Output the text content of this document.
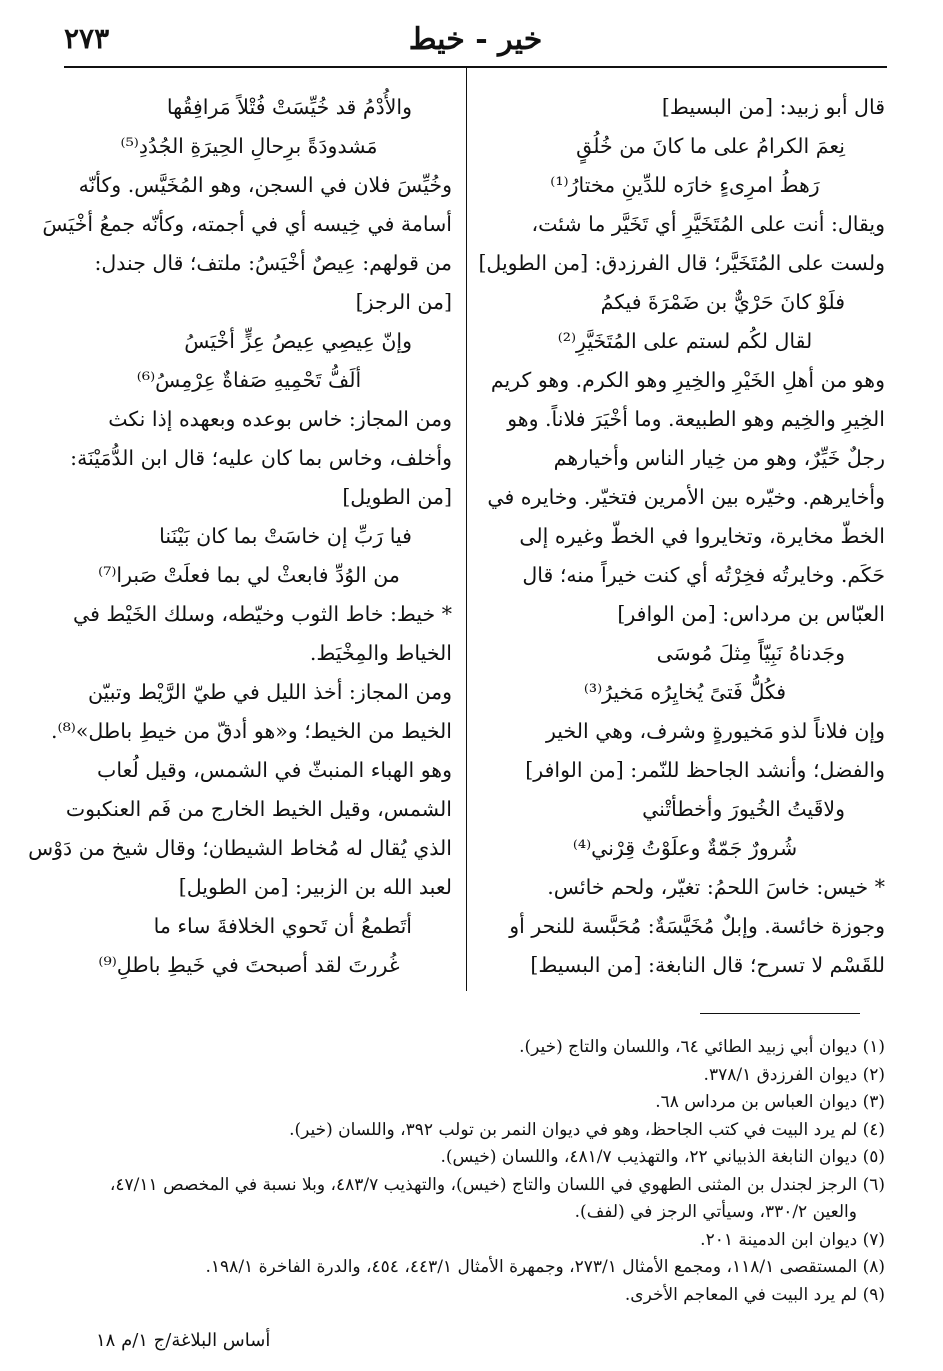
خير - خيط
٢٧٣
قال أبو زبيد: [من البسيط]
نِعمَ الكرامُ على ما كانَ من خُلُقٍ
رَهطُ امرِىءٍ خارَه للدِّينِ مختارُ⁽¹⁾
ويقال: أنت على المُتَخَيَّرِ أي تَخَيَّر ما شئت،
ولست على المُتَخَيَّر؛ قال الفرزدق: [من الطويل]
فلَوْ كانَ حَرْيٌّ بن ضَمْرَةَ فيكمُ
لقال لكُم لستم على المُتَخَيَّرِ⁽²⁾
وهو من أهلِ الخَيْرِ والخِيرِ وهو الكرم. وهو كريم
الخِيرِ والخِيم وهو الطبيعة. وما أخْيَرَ فلاناً. وهو
رجلٌ خَيِّرٌ، وهو من خِيار الناس وأخيارهم
وأخايرهم. وخيّره بين الأمرين فتخيّر. وخايره في
الخطّ مخايرة، وتخايروا في الخطّ وغيره إلى
حَكَم. وخايرتُه فخِرْتُه أي كنت خيراً منه؛ قال
العبّاس بن مرداس: [من الوافر]
وجَدناهُ نَبِيّاً مِثلَ مُوسَى
فكُلُّ فَتىً يُخايِرُه مَخيرُ⁽³⁾
وإن فلاناً لذو مَخيورةٍ وشرف، وهي الخير
والفضل؛ وأنشد الجاحظ للنّمر: [من الوافر]
ولاقَيتُ الخُيورَ وأخطأتْني
شُرورٌ جَمّةٌ وعلَوْتُ قِرْني⁽⁴⁾
* خيس: خاسَ اللحمُ: تغيّر، ولحم خائس.
وجوزة خائسة. وإبلٌ مُخَيَّسَةٌ: مُحَبَّسة للنحر أو
للقَسْم لا تسرح؛ قال النابغة: [من البسيط]
والأُدْمُ قد خُيِّسَتْ فُتْلاً مَرافِقُها
مَشدودَةً برِحالِ الحِيرَةِ الجُدُدِ⁽⁵⁾
وخُيِّسَ فلان في السجن، وهو المُخَيَّس. وكأنّه
أسامة في خِيسه أي في أجمته، وكأنّه جمعُ أخْيَسَ
من قولهم: عِيصٌ أخْيَسُ: ملتف؛ قال جندل:
[من الرجز]
وإنّ عِيصِي عِيصُ عِزٍّ أخْيَسُ
ألَفُّ تَحْمِيهِ صَفاةٌ عِرْمِسُ⁽⁶⁾
ومن المجاز: خاس بوعده وبعهده إذا نكث
وأخلف، وخاس بما كان عليه؛ قال ابن الدُّمَيْنَة:
[من الطويل]
فيا رَبِّ إن خاسَتْ بما كان بَيْنَنا
من الوُدِّ فابعثْ لي بما فعلَتْ صَبرا⁽⁷⁾
* خيط: خاط الثوب وخيّطه، وسلك الخَيْط في
الخياط والمِخْيَط.
ومن المجاز: أخذ الليل في طيّ الرَّيْط وتبيّن
الخيط من الخيط؛ و«هو أدقّ من خيطِ باطل»⁽⁸⁾.
وهو الهباء المنبثّ في الشمس، وقيل لُعاب
الشمس، وقيل الخيط الخارج من فَم العنكبوت
الذي يُقال له مُخاط الشيطان؛ وقال شيخ من دَوْس
لعبد الله بن الزبير: [من الطويل]
أتَطمعُ أن تَحوي الخلافةَ ساء ما
غُررتَ لقد أصبحتَ في خَيطِ باطلِ⁽⁹⁾
(١) ديوان أبي زبيد الطائي ٦٤، واللسان والتاج (خير).
(٢) ديوان الفرزدق ٣٧٨/١.
(٣) ديوان العباس بن مرداس ٦٨.
(٤) لم يرد البيت في كتب الجاحظ، وهو في ديوان النمر بن تولب ٣٩٢، واللسان (خير).
(٥) ديوان النابغة الذبياني ٢٢، والتهذيب ٤٨١/٧، واللسان (خيس).
(٦) الرجز لجندل بن المثنى الطهوي في اللسان والتاج (خيس)، والتهذيب ٤٨٣/٧، وبلا نسبة في المخصص ٤٧/١١،
والعين ٣٣٠/٢، وسيأتي الرجز في (لفف).
(٧) ديوان ابن الدمينة ٢٠١.
(٨) المستقصى ١١٨/١، ومجمع الأمثال ٢٧٣/١، وجمهرة الأمثال ٤٤٣/١، ٤٥٤، والدرة الفاخرة ١٩٨/١.
(٩) لم يرد البيت في المعاجم الأخرى.
أساس البلاغة/ج ١/م ١٨
